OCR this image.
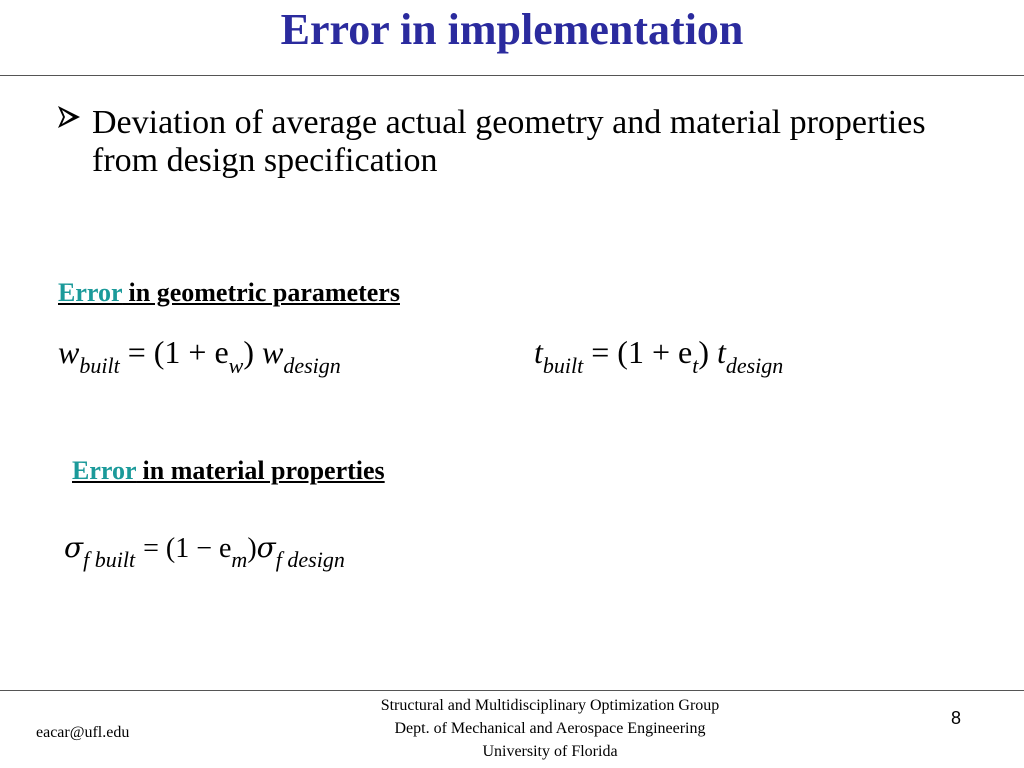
Error in implementation
Deviation of average actual geometry and material properties from design specification
Error in geometric parameters
$w_{built} = (1 + e_w)$ $w_{design}$	$t_{built} = (1 + e_t)$ $t_{design}$
Error in material properties
$\sigma_{f built} = (1 - e_m)\sigma_{f design}$
eacar@ufl.edu
Structural and Multidisciplinary Optimization Group
Dept. of Mechanical and Aerospace Engineering
University of Florida
8
